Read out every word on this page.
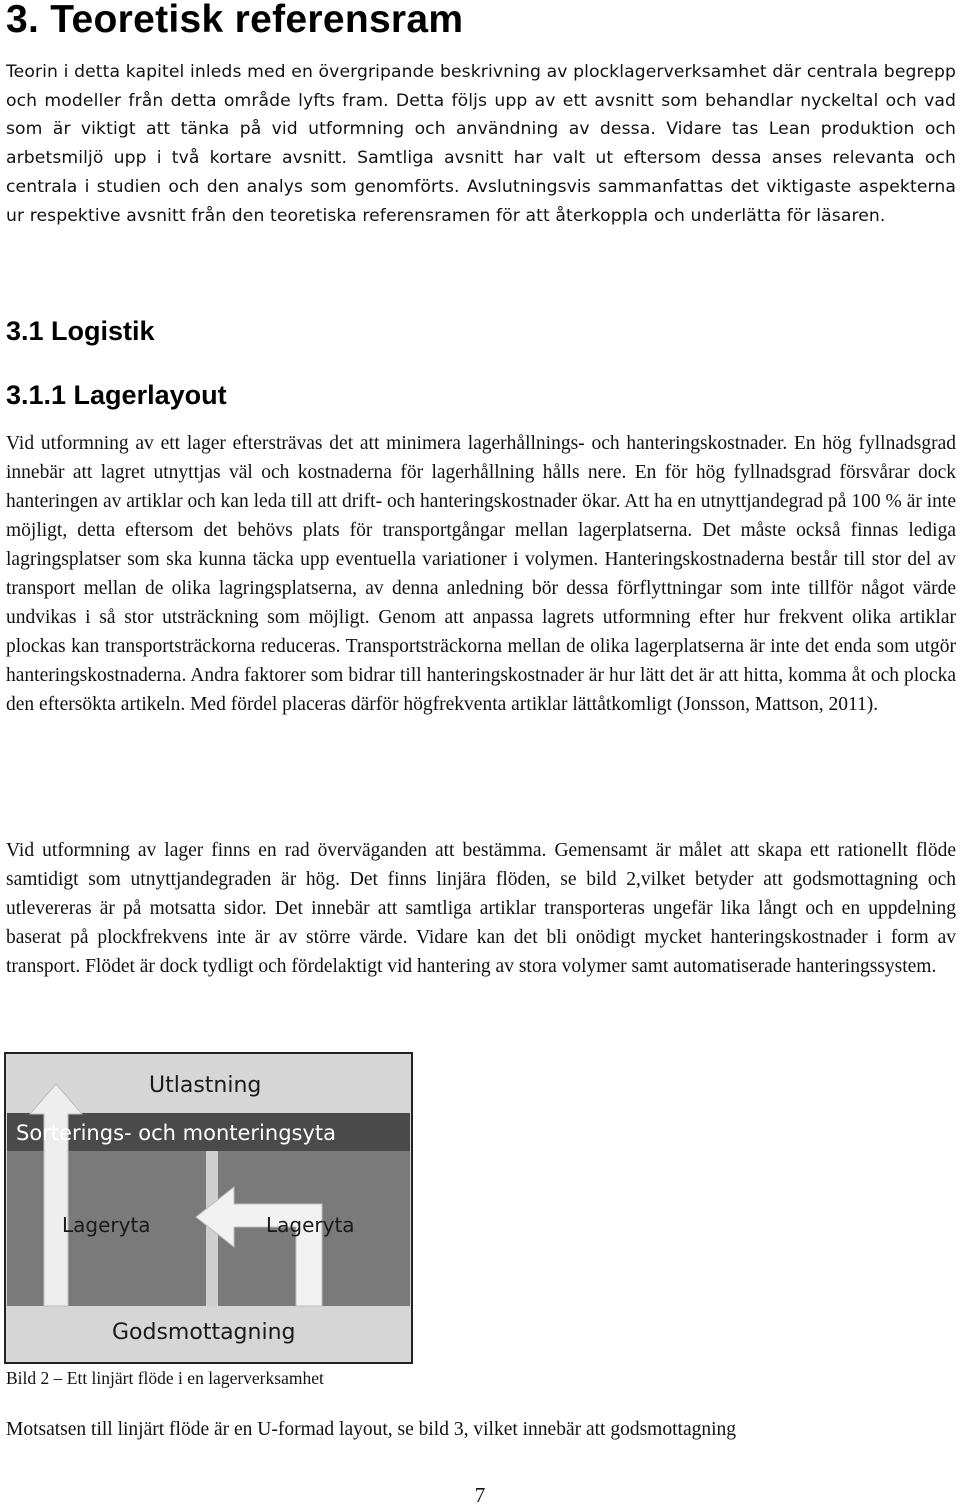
3. Teoretisk referensram

Teorin i detta kapitel inleds med en övergripande beskrivning av plocklagerverksamhet där centrala begrepp och modeller från detta område lyfts fram. Detta följs upp av ett avsnitt som behandlar nyckeltal och vad som är viktigt att tänka på vid utformning och användning av dessa. Vidare tas Lean produktion och arbetsmiljö upp i två kortare avsnitt. Samtliga avsnitt har valt ut eftersom dessa anses relevanta och centrala i studien och den analys som genomförts. Avslutningsvis sammanfattas det viktigaste aspekterna ur respektive avsnitt från den teoretiska referensramen för att återkoppla och underlätta för läsaren.

3.1 Logistik
3.1.1 Lagerlayout

Vid utformning av ett lager eftersträvas det att minimera lagerhållnings- och hanteringskostnader. En hög fyllnadsgrad innebär att lagret utnyttjas väl och kostnaderna för lagerhållning hålls nere. En för hög fyllnadsgrad försvårar dock hanteringen av artiklar och kan leda till att drift- och hanteringskostnader ökar. Att ha en utnyttjandegrad på 100 % är inte möjligt, detta eftersom det behövs plats för transportgångar mellan lagerplatserna. Det måste också finnas lediga lagringsplatser som ska kunna täcka upp eventuella variationer i volymen. Hanteringskostnaderna består till stor del av transport mellan de olika lagringsplatserna, av denna anledning bör dessa förflyttningar som inte tillför något värde undvikas i så stor utsträckning som möjligt. Genom att anpassa lagrets utformning efter hur frekvent olika artiklar plockas kan transportsträckorna reduceras. Transportsträckorna mellan de olika lagerplatserna är inte det enda som utgör hanteringskostnaderna. Andra faktorer som bidrar till hanteringskostnader är hur lätt det är att hitta, komma åt och plocka den eftersökta artikeln. Med fördel placeras därför högfrekventa artiklar lättåtkomligt (Jonsson, Mattson, 2011).

Vid utformning av lager finns en rad överväganden att bestämma. Gemensamt är målet att skapa ett rationellt flöde samtidigt som utnyttjandegraden är hög. Det finns linjära flöden, se bild 2,vilket betyder att godsmottagning och utlevereras är på motsatta sidor. Det innebär att samtliga artiklar transporteras ungefär lika långt och en uppdelning baserat på plockfrekvens inte är av större värde. Vidare kan det bli onödigt mycket hanteringskostnader i form av transport. Flödet är dock tydligt och fördelaktigt vid hantering av stora volymer samt automatiserade hanteringssystem.

Utlastning
Sorterings- och monteringsyta
Lageryta	Lageryta
Godsmottagning

Bild 2 – Ett linjärt flöde i en lagerverksamhet

Motsatsen till linjärt flöde är en U-formad layout, se bild 3, vilket innebär att godsmottagning

7
